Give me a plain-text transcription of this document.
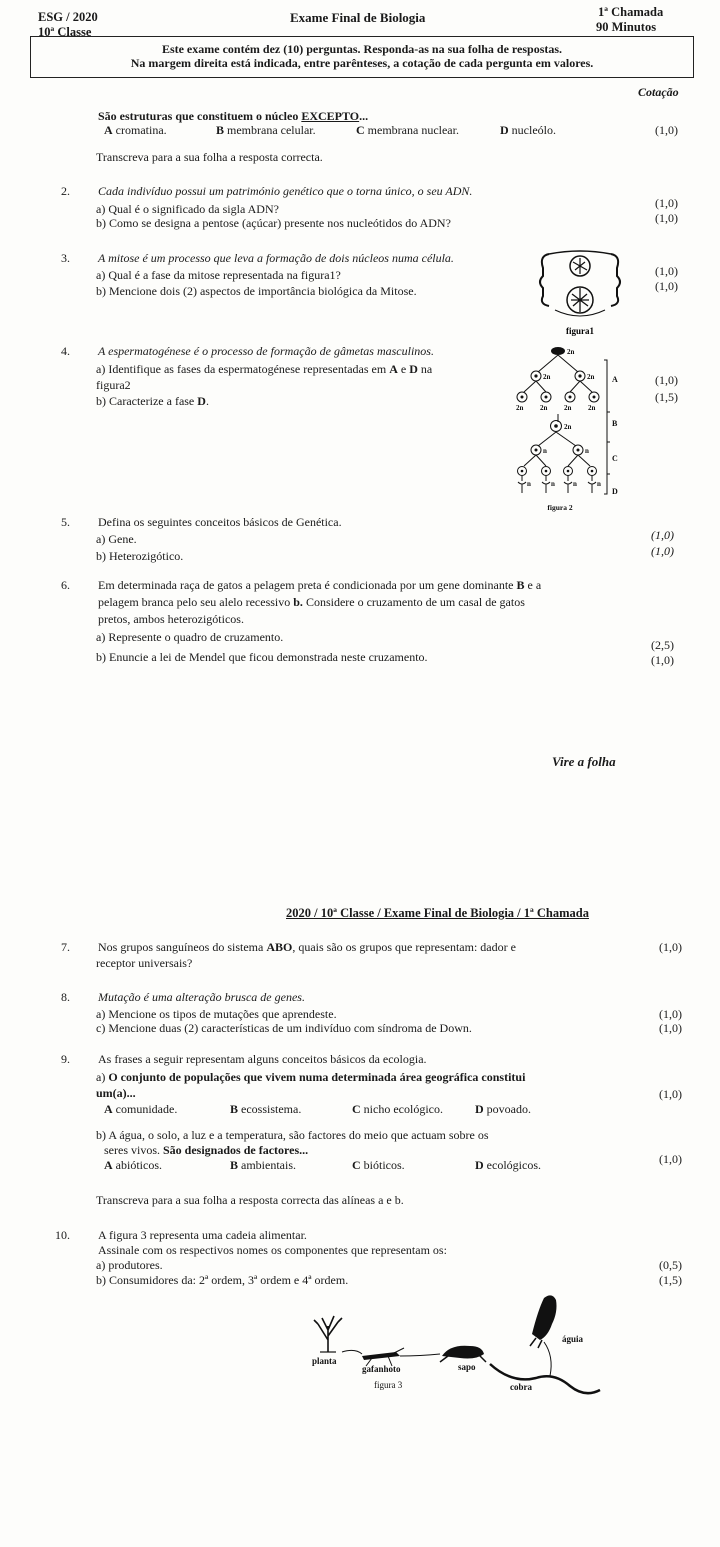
ESG / 2020
10ª Classe
Exame Final de Biologia	1ª Chamada
90 Minutos
Este exame contém dez (10) perguntas. Responda-as na sua folha de respostas.
Na margem direita está indicada, entre parênteses, a cotação de cada pergunta em valores.
Cotação
São estruturas que constituem o núcleo EXCEPTO...
A cromatina.	B membrana celular.	C membrana nuclear.	D nucleólo.	(1,0)
Transcreva para a sua folha a resposta correcta.
2. Cada indivíduo possui um património genético que o torna único, o seu ADN.
a) Qual é o significado da sigla ADN?
b) Como se designa a pentose (açúcar) presente nos nucleótidos do ADN?
(1,0)
(1,0)
3. A mitose é um processo que leva a formação de dois núcleos numa célula.
a) Qual é a fase da mitose representada na figura1?
b) Mencione dois (2) aspectos de importância biológica da Mitose.
(1,0)
(1,0)
figura1
4. A espermatogénese é o processo de formação de gâmetas masculinos.
a) Identifique as fases da espermatogénese representadas em A e D na
figura2
b) Caracterize a fase D.
(1,0)
(1,5)
2n
2n	2n
2n 2n 2n 2n
2n
n	n
n	n	n	n
A
B
C
D
figura 2
5. Defina os seguintes conceitos básicos de Genética.
a) Gene.
b) Heterozigótico.
(1,0)
(1,0)
6. Em determinada raça de gatos a pelagem preta é condicionada por um gene dominante B e a
pelagem branca pelo seu alelo recessivo b. Considere o cruzamento de um casal de gatos
pretos, ambos heterozigóticos.
a) Represente o quadro de cruzamento.
b) Enuncie a lei de Mendel que ficou demonstrada neste cruzamento.
(2,5)
(1,0)
Vire a folha
2020 / 10ª Classe / Exame Final de Biologia / 1ª Chamada
7. Nos grupos sanguíneos do sistema ABO, quais são os grupos que representam: dador e
receptor universais?
(1,0)
8. Mutação é uma alteração brusca de genes.
a) Mencione os tipos de mutações que aprendeste.
c) Mencione duas (2) características de um indivíduo com síndroma de Down.
(1,0)
(1,0)
9. As frases a seguir representam alguns conceitos básicos da ecologia.
a) O conjunto de populações que vivem numa determinada área geográfica constitui
um(a)...
A comunidade.	B ecossistema.	C nicho ecológico.	D povoado.
(1,0)
b) A água, o solo, a luz e a temperatura, são factores do meio que actuam sobre os
seres vivos. São designados de factores...
A abióticos.	B ambientais.	C bióticos.	D ecológicos.	(1,0)
Transcreva para a sua folha a resposta correcta das alíneas a e b.
10. A figura 3 representa uma cadeia alimentar.
Assinale com os respectivos nomes os componentes que representam os:
a) produtores.
b) Consumidores da: 2ª ordem, 3ª ordem e 4ª ordem.
(0,5)
(1,5)
planta
gafanhoto	sapo
cobra
águia
figura 3
